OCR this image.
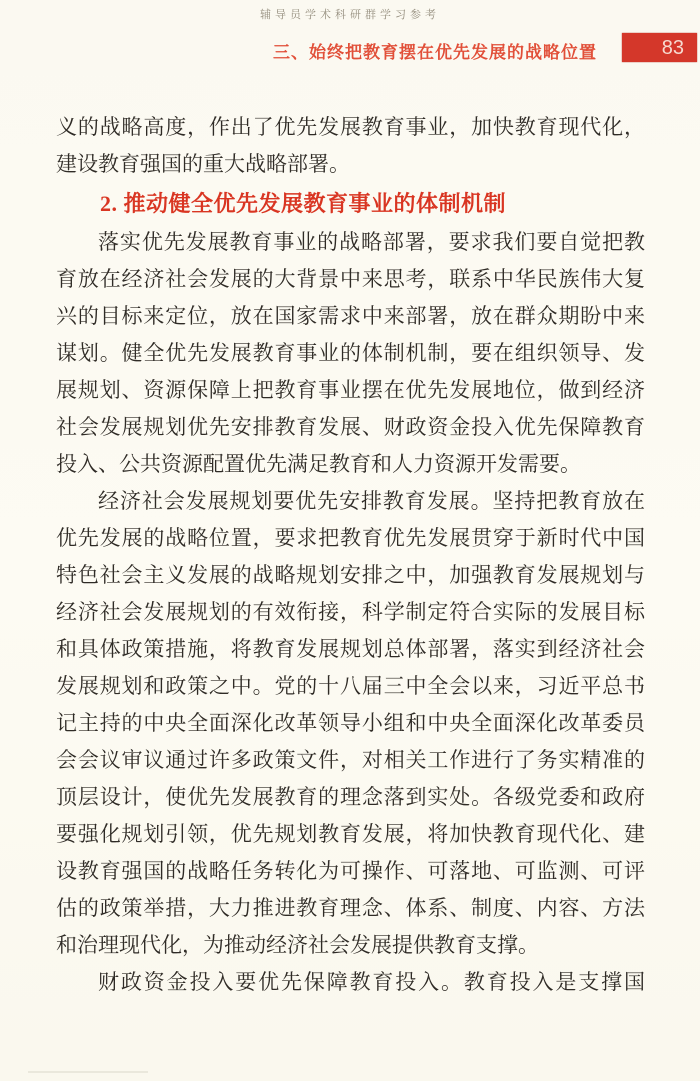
辅导员学术科研群学习参考
三、始终把教育摆在优先发展的战略位置	83
义的战略高度，作出了优先发展教育事业，加快教育现代化，
建设教育强国的重大战略部署。
2. 推动健全优先发展教育事业的体制机制
落实优先发展教育事业的战略部署，要求我们要自觉把教
育放在经济社会发展的大背景中来思考，联系中华民族伟大复
兴的目标来定位，放在国家需求中来部署，放在群众期盼中来
谋划。健全优先发展教育事业的体制机制，要在组织领导、发
展规划、资源保障上把教育事业摆在优先发展地位，做到经济
社会发展规划优先安排教育发展、财政资金投入优先保障教育
投入、公共资源配置优先满足教育和人力资源开发需要。
经济社会发展规划要优先安排教育发展。坚持把教育放在
优先发展的战略位置，要求把教育优先发展贯穿于新时代中国
特色社会主义发展的战略规划安排之中，加强教育发展规划与
经济社会发展规划的有效衔接，科学制定符合实际的发展目标
和具体政策措施，将教育发展规划总体部署，落实到经济社会
发展规划和政策之中。党的十八届三中全会以来，习近平总书
记主持的中央全面深化改革领导小组和中央全面深化改革委员
会会议审议通过许多政策文件，对相关工作进行了务实精准的
顶层设计，使优先发展教育的理念落到实处。各级党委和政府
要强化规划引领，优先规划教育发展，将加快教育现代化、建
设教育强国的战略任务转化为可操作、可落地、可监测、可评
估的政策举措，大力推进教育理念、体系、制度、内容、方法
和治理现代化，为推动经济社会发展提供教育支撑。
财政资金投入要优先保障教育投入。教育投入是支撑国
